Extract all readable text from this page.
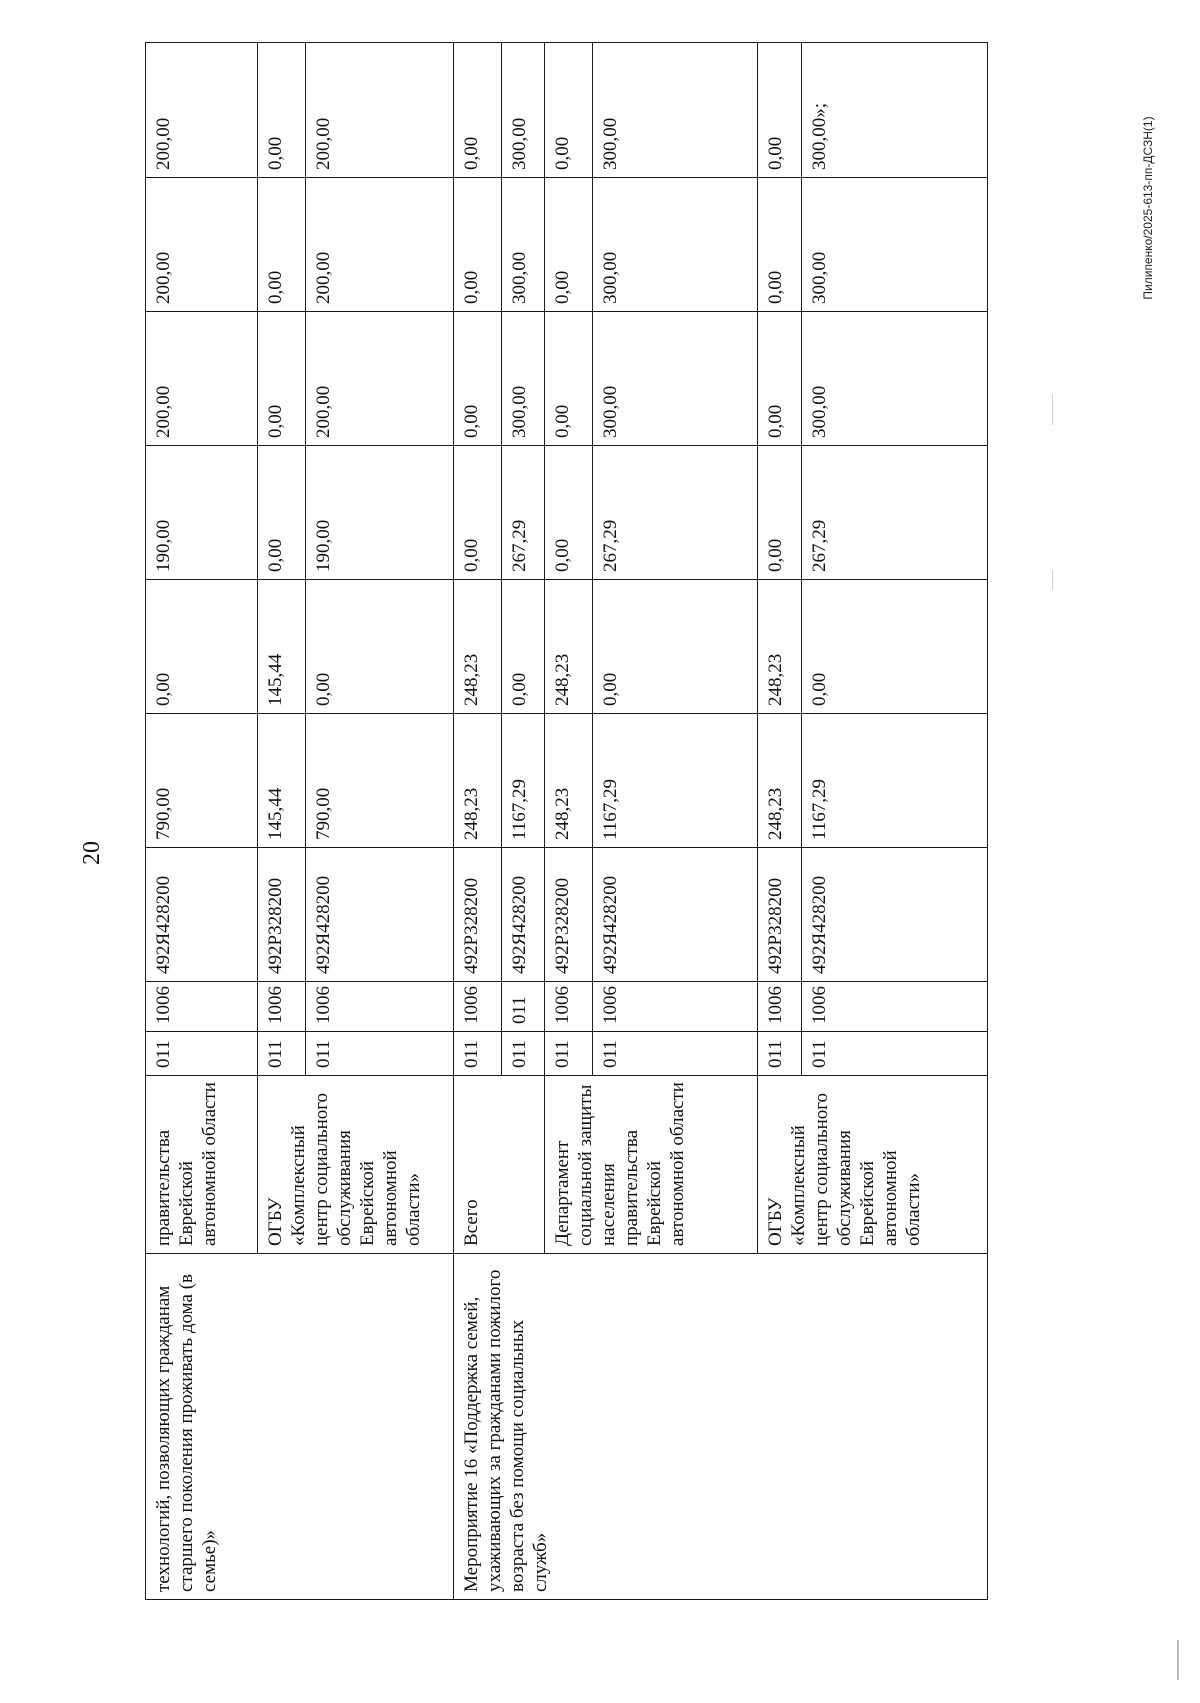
20
Пилипенко/2025-613-пп-ДСЗН(1)
технологий, позволяющих гражданам старшего поколения проживать дома (в семье)»	правительства Еврейской автономной области	011	1006	492Я428200	790,00	0,00	190,00	200,00	200,00	200,00
	ОГБУ «Комплексный центр социального обслуживания Еврейской автономной области»	011	1006	492Р328200	145,44	145,44	0,00	0,00	0,00	0,00
		011	1006	492Я428200	790,00	0,00	190,00	200,00	200,00	200,00
Мероприятие 16 «Поддержка семей, ухаживающих за гражданами пожилого возраста без помощи социальных служб»	Всего	011	1006	492Р328200	248,23	248,23	0,00	0,00	0,00	0,00
		011	011	492Я428200	1167,29	0,00	267,29	300,00	300,00	300,00
	Департамент социальной защиты населения правительства Еврейской автономной области	011	1006	492Р328200	248,23	248,23	0,00	0,00	0,00	0,00
		011	1006	492Я428200	1167,29	0,00	267,29	300,00	300,00	300,00
	ОГБУ «Комплексный центр социального обслуживания Еврейской автономной области»	011	1006	492Р328200	248,23	248,23	0,00	0,00	0,00	0,00
		011	1006	492Я428200	1167,29	0,00	267,29	300,00	300,00	300,00»;
